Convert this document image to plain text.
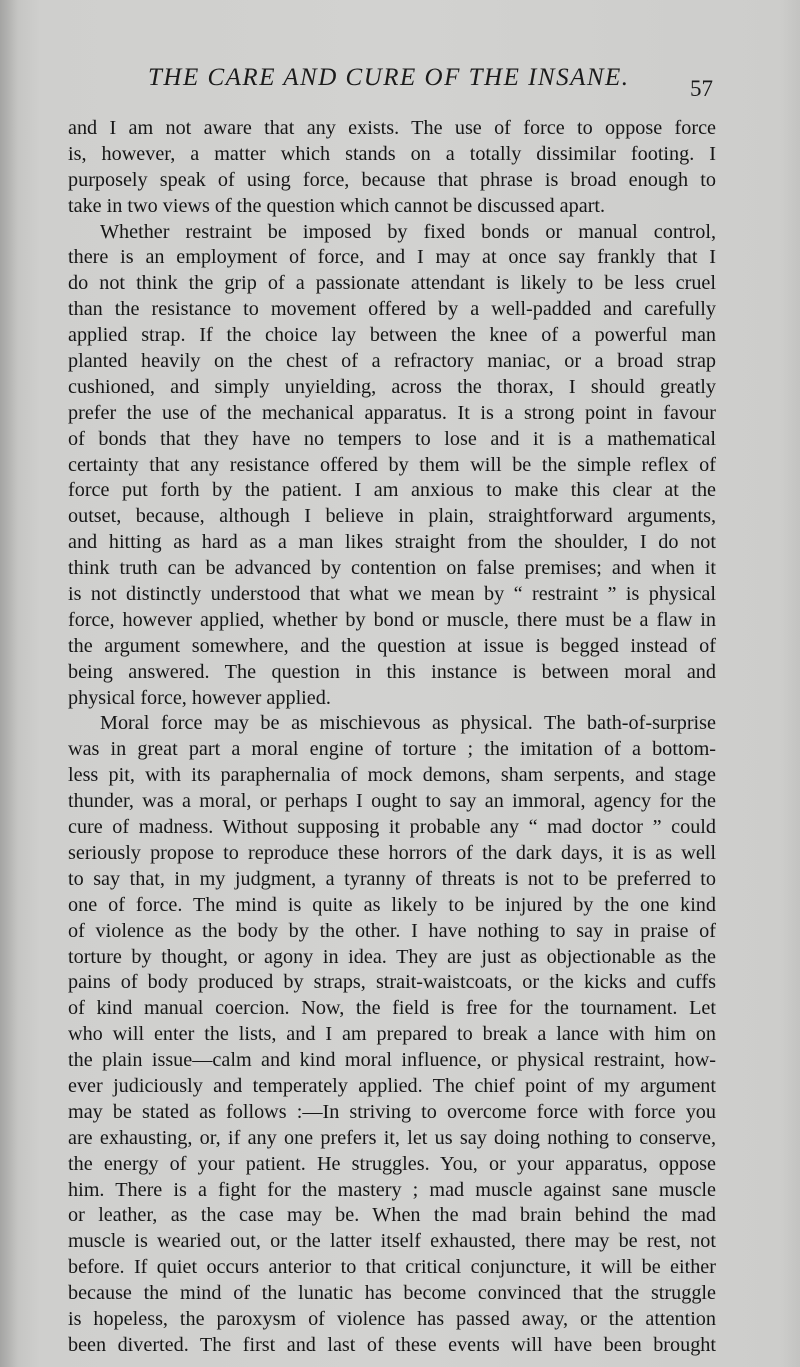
THE CARE AND CURE OF THE INSANE.	57
and I am not aware that any exists. The use of force to oppose force
is, however, a matter which stands on a totally dissimilar footing. I
purposely speak of using force, because that phrase is broad enough to
take in two views of the question which cannot be discussed apart.
Whether restraint be imposed by fixed bonds or manual control,
there is an employment of force, and I may at once say frankly that I
do not think the grip of a passionate attendant is likely to be less cruel
than the resistance to movement offered by a well-padded and carefully
applied strap. If the choice lay between the knee of a powerful man
planted heavily on the chest of a refractory maniac, or a broad strap
cushioned, and simply unyielding, across the thorax, I should greatly
prefer the use of the mechanical apparatus. It is a strong point in favour
of bonds that they have no tempers to lose and it is a mathematical
certainty that any resistance offered by them will be the simple reflex of
force put forth by the patient. I am anxious to make this clear at the
outset, because, although I believe in plain, straightforward arguments,
and hitting as hard as a man likes straight from the shoulder, I do not
think truth can be advanced by contention on false premises; and when it
is not distinctly understood that what we mean by “ restraint ” is physical
force, however applied, whether by bond or muscle, there must be a flaw in
the argument somewhere, and the question at issue is begged instead of
being answered. The question in this instance is between moral and
physical force, however applied.
Moral force may be as mischievous as physical. The bath-of-surprise
was in great part a moral engine of torture ; the imitation of a bottom-
less pit, with its paraphernalia of mock demons, sham serpents, and stage
thunder, was a moral, or perhaps I ought to say an immoral, agency for the
cure of madness. Without supposing it probable any “ mad doctor ” could
seriously propose to reproduce these horrors of the dark days, it is as well
to say that, in my judgment, a tyranny of threats is not to be preferred to
one of force. The mind is quite as likely to be injured by the one kind
of violence as the body by the other. I have nothing to say in praise of
torture by thought, or agony in idea. They are just as objectionable as the
pains of body produced by straps, strait-waistcoats, or the kicks and cuffs
of kind manual coercion. Now, the field is free for the tournament. Let
who will enter the lists, and I am prepared to break a lance with him on
the plain issue—calm and kind moral influence, or physical restraint, how-
ever judiciously and temperately applied. The chief point of my argument
may be stated as follows :—In striving to overcome force with force you
are exhausting, or, if any one prefers it, let us say doing nothing to conserve,
the energy of your patient. He struggles. You, or your apparatus, oppose
him. There is a fight for the mastery ; mad muscle against sane muscle
or leather, as the case may be. When the mad brain behind the mad
muscle is wearied out, or the latter itself exhausted, there may be rest, not
before. If quiet occurs anterior to that critical conjuncture, it will be either
because the mind of the lunatic has become convinced that the struggle
is hopeless, the paroxysm of violence has passed away, or the attention
been diverted. The first and last of these events will have been brought
